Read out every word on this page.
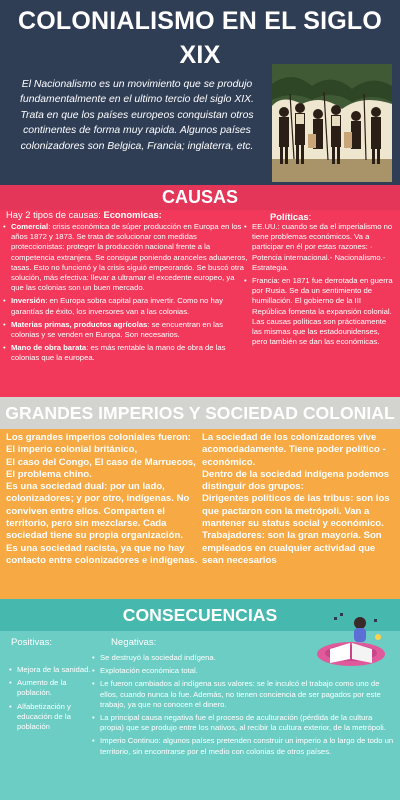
COLONIALISMO EN EL SIGLO XIX
El Nacionalismo es un movimiento que se produjo fundamentalmente en el ultimo tercio del siglo XIX. Trata en que los países europeos conquistan otros continentes de forma muy rapida. Algunos países colonizadores son Belgica, Francia; inglaterra, etc.
CAUSAS
Hay 2 tipos de causas: Economicas:	Políticas:
• Comercial: crisis económica de súper producción en Europa en los años 1872 y 1873. Se trata de solucionar con medidas proteccionistas: proteger la producción nacional frente a la competencia extranjera. Se consigue poniendo aranceles aduaneros, tasas. Esto no funcionó y la crisis siguió empeorando. Se buscó otra solución, más efectiva: llevar a ultramar el excedente europeo, ya que las colonias son un buen mercado.
• Inversión: en Europa sobra capital para invertir. Como no hay garantías de éxito, los inversores van a las colonias.
• Materias primas, productos agrícolas: se encuentran en las colonias y se venden en Europa. Son necesarios.
• Mano de obra barata: es más rentable la mano de obra de las colonias que la europea.
• EE.UU.: cuando se da el imperialismo no tiene problemas económicos. Va a participar en él por estas razones: · Potencia internacional.- Nacionalismo.- Estrategia.
• Francia: en 1871 fue derrotada en guerra por Rusia. Se da un sentimiento de humillación. El gobierno de la III República fomenta la expansión colonial. Las causas políticas son prácticamente las mismas que las estadounidenses, pero también se dan las económicas.
GRANDES IMPERIOS Y SOCIEDAD COLONIAL

Los grandes imperios coloniales fueron:

El imperio colonial británico,

El caso del Congo, El caso de Marruecos, El problema chino.

Es una sociedad dual: por un lado, colonizadores; y por otro, indígenas. No conviven entre ellos. Comparten el territorio, pero sin mezclarse. Cada sociedad tiene su propia organización.

Es una sociedad racista, ya que no hay contacto entre colonizadores e indígenas.

La sociedad de los colonizadores vive acomodadamente. Tiene poder político - económico.

Dentro de la sociedad indígena podemos distinguir dos grupos:

Dirigentes políticos de las tribus: son los que pactaron con la metrópoli. Van a mantener su status social y económico.

Trabajadores: son la gran mayoría. Son empleados en cualquier actividad que sean necesarios

CONSECUENCIAS
Positivas:	Negativas:
• Mejora de la sanidad.
• Aumento de la población.
• Alfabetización y educación de la población
• Se destruyó la sociedad indígena.
• Explotación económica total.
• Le fueron cambiados al indígena sus valores: se le inculcó el trabajo como uno de ellos, cuando nunca lo fue. Además, no tienen conciencia de ser pagados por este trabajo, ya que no conocen el dinero.
• La principal causa negativa fue el proceso de aculturación (pérdida de la cultura propia) que se produjo entre los nativos, al recibir la cultura exterior, de la metrópoli.
• Imperio Continuo: algunos países pretenden construir un imperio a lo largo de todo un territorio, sin encontrarse por el medio con colonias de otros países.
